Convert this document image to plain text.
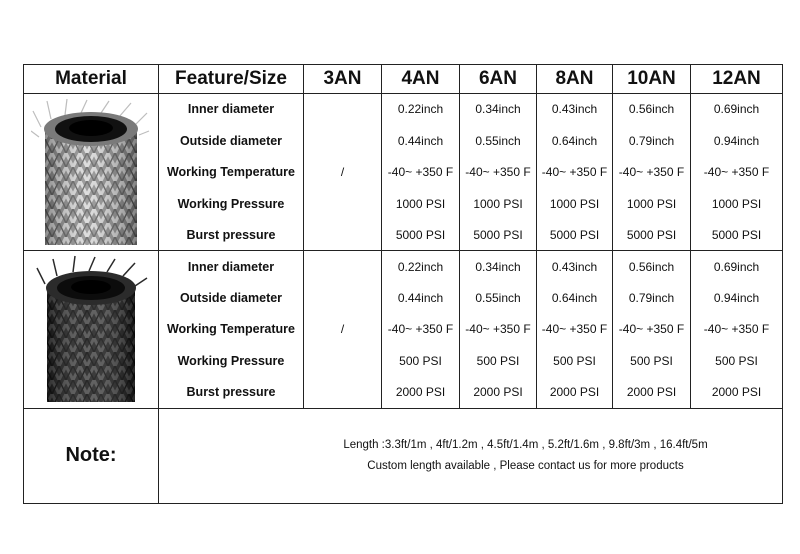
Material	Feature/Size	3AN	4AN	6AN	8AN	10AN	12AN

	Inner diameter	/	0.22inch	0.34inch	0.43inch	0.56inch	0.69inch
	Outside diameter		0.44inch	0.55inch	0.64inch	0.79inch	0.94inch
	Working Temperature		-40~ +350 F	-40~ +350 F	-40~ +350 F	-40~ +350 F	-40~ +350 F
	Working Pressure		1000 PSI	1000 PSI	1000 PSI	1000 PSI	1000 PSI
	Burst pressure		5000 PSI	5000 PSI	5000 PSI	5000 PSI	5000 PSI

	Inner diameter	/	0.22inch	0.34inch	0.43inch	0.56inch	0.69inch
	Outside diameter		0.44inch	0.55inch	0.64inch	0.79inch	0.94inch
	Working Temperature		-40~ +350 F	-40~ +350 F	-40~ +350 F	-40~ +350 F	-40~ +350 F
	Working Pressure		500 PSI	500 PSI	500 PSI	500 PSI	500 PSI
	Burst pressure		2000 PSI	2000 PSI	2000 PSI	2000 PSI	2000 PSI
Note:	Length :3.3ft/1m , 4ft/1.2m , 4.5ft/1.4m , 5.2ft/1.6m , 9.8ft/3m , 16.4ft/5m
Custom length available , Please contact us for more products						
